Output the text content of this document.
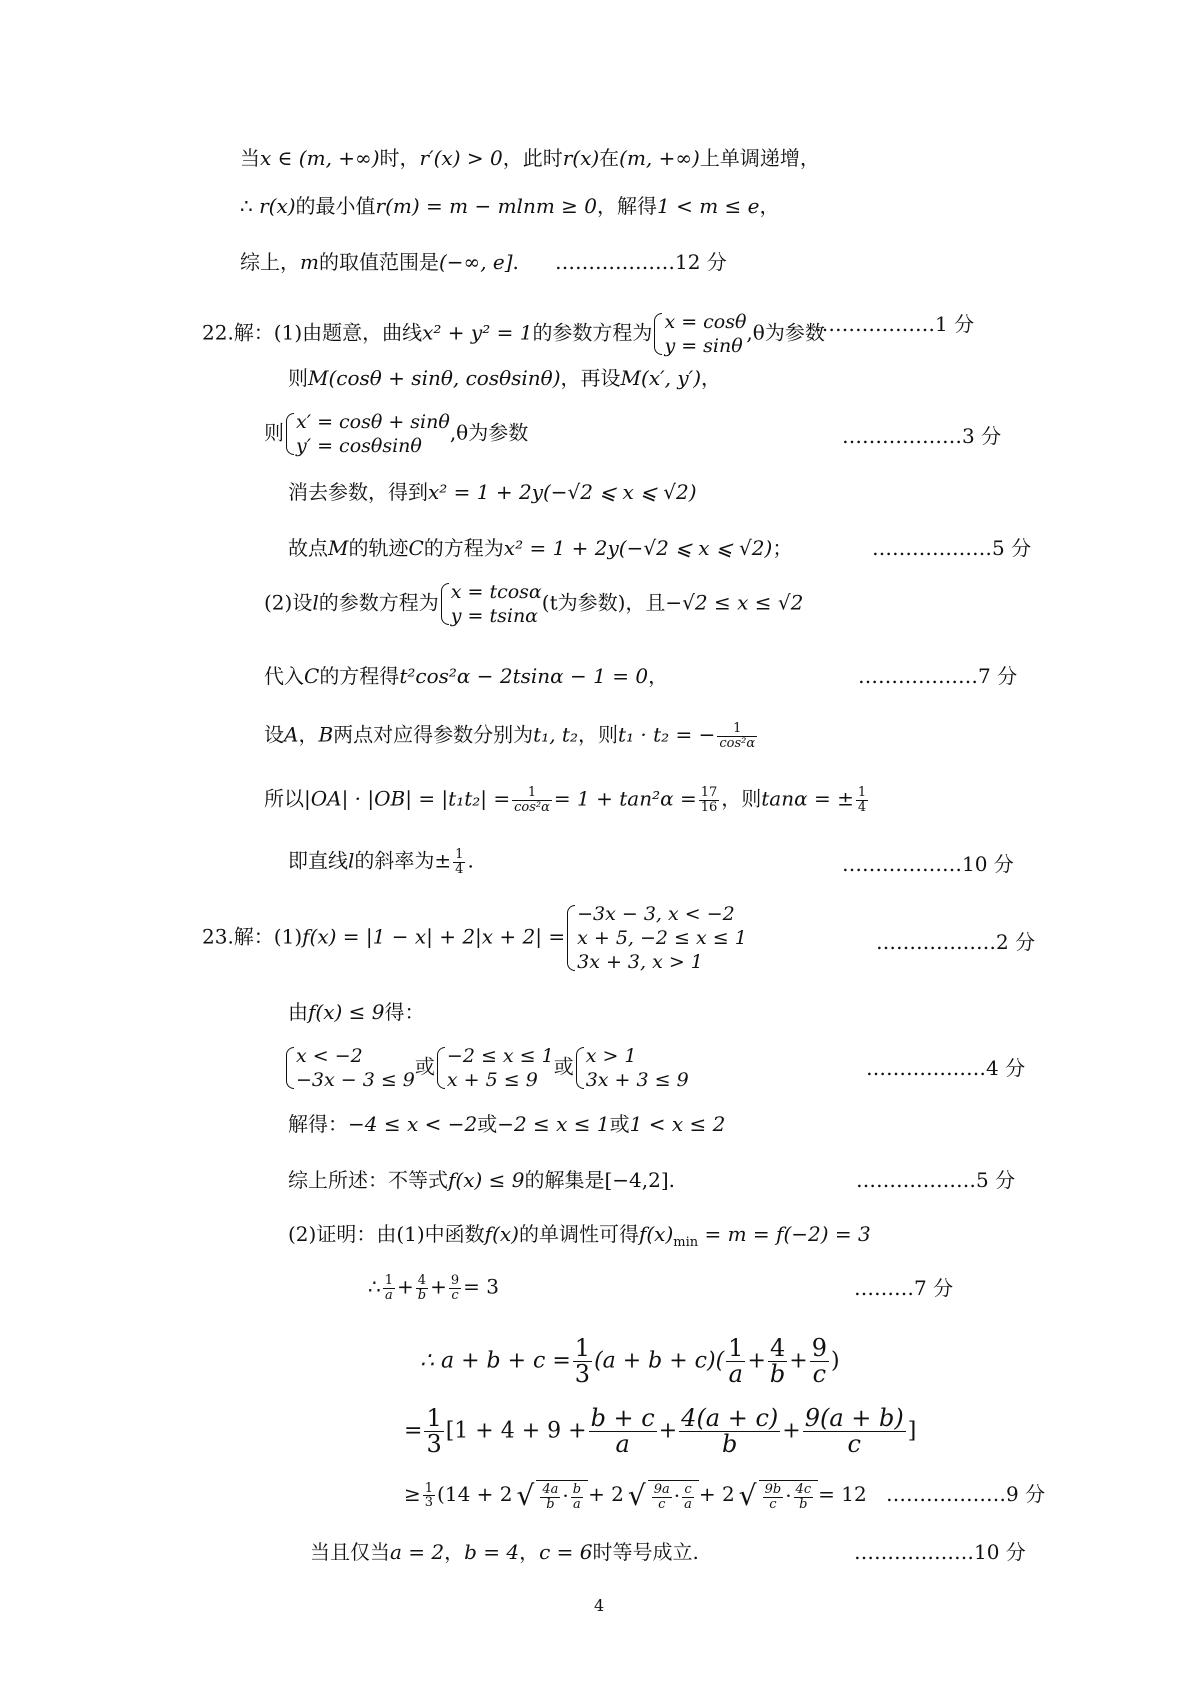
当x ∈ (m, +∞)时，r′(x) > 0，此时r(x)在(m, +∞)上单调递增，
∴ r(x)的最小值r(m) = m − mlnm ≥ 0，解得1 < m ≤ e，
综上，m的取值范围是(−∞, e]. ………………12 分
22.解：(1)由题意，曲线x² + y² = 1的参数方程为 x = cosθ
y = sinθ
,θ为参数
………………1 分
则M(cosθ + sinθ, cosθsinθ)，再设M(x′, y′)，
则 x′ = cosθ + sinθ
y′ = cosθsinθ
,θ为参数	………………3 分
消去参数，得到x² = 1 + 2y(−√2 ⩽ x ⩽ √2)
故点M的轨迹C的方程为x² = 1 + 2y(−√2 ⩽ x ⩽ √2)；	………………5 分
(2)设l的参数方程为 x = tcosα
y = tsinα
(t为参数)，且−√2 ≤ x ≤ √2
代入C的方程得t²cos²α − 2tsinα − 1 = 0，	………………7 分
设A，B两点对应得参数分别为t₁, t₂，则t₁ · t₂ = − $\frac{1}{\text{cos²α}}$
所以$|OA| \cdot |OB| = |t_1t_2| = \frac{1}{\text{cos²α}} = 1 + \tan^2\alpha = \frac{17}{16}$ ，则tanα = ± $\frac{1}{4}$
即直线l的斜率为± $\frac{1}{4}$ .	………………10 分
23.解：(1)f(x) = |1 − x| + 2|x + 2| =
−3x − 3, x < −2
x + 5, −2 ≤ x ≤ 1
3x + 3, x > 1
………………2 分
由f(x) ≤ 9得：
x < −2
−3x − 3 ≤ 9
或 −2 ≤ x ≤ 1
x + 5 ≤ 9
或 x > 1
3x + 3 ≤ 9	………………4 分
解得：−4 ≤ x < −2或−2 ≤ x ≤ 1或1 < x ≤ 2
综上所述：不等式f(x) ≤ 9的解集是[−4,2].	………………5 分
(2)证明：由(1)中函数f(x)的单调性可得$f(x)_{min} = m = f(-2) = 3$
∴ $\frac{1}{a} + \frac{4}{b} + \frac{9}{c} = 3$	………7 分
∴ $a + b + c = \frac{1}{3} (a + b + c)( \frac{1}{a} + \frac{4}{b} + \frac{9}{c}$ )
= $\frac{1}{3} [1 + 4 + 9 + \frac{b + c}{a} + \frac{4(a + c)}{b} + \frac{9(a + b)}{c}$ ]
≥ $\frac{1}{3} (14 + 2$ √ $\frac{4a}{b} \cdot \frac{b}{a} + 2$ √ $\frac{9a}{c} \cdot \frac{c}{a} + 2$ √ $\frac{9b}{c} \cdot \frac{4c}{b} = 12$ ………………9 分
当且仅当a = 2，b = 4，c = 6时等号成立.	………………10 分
4
